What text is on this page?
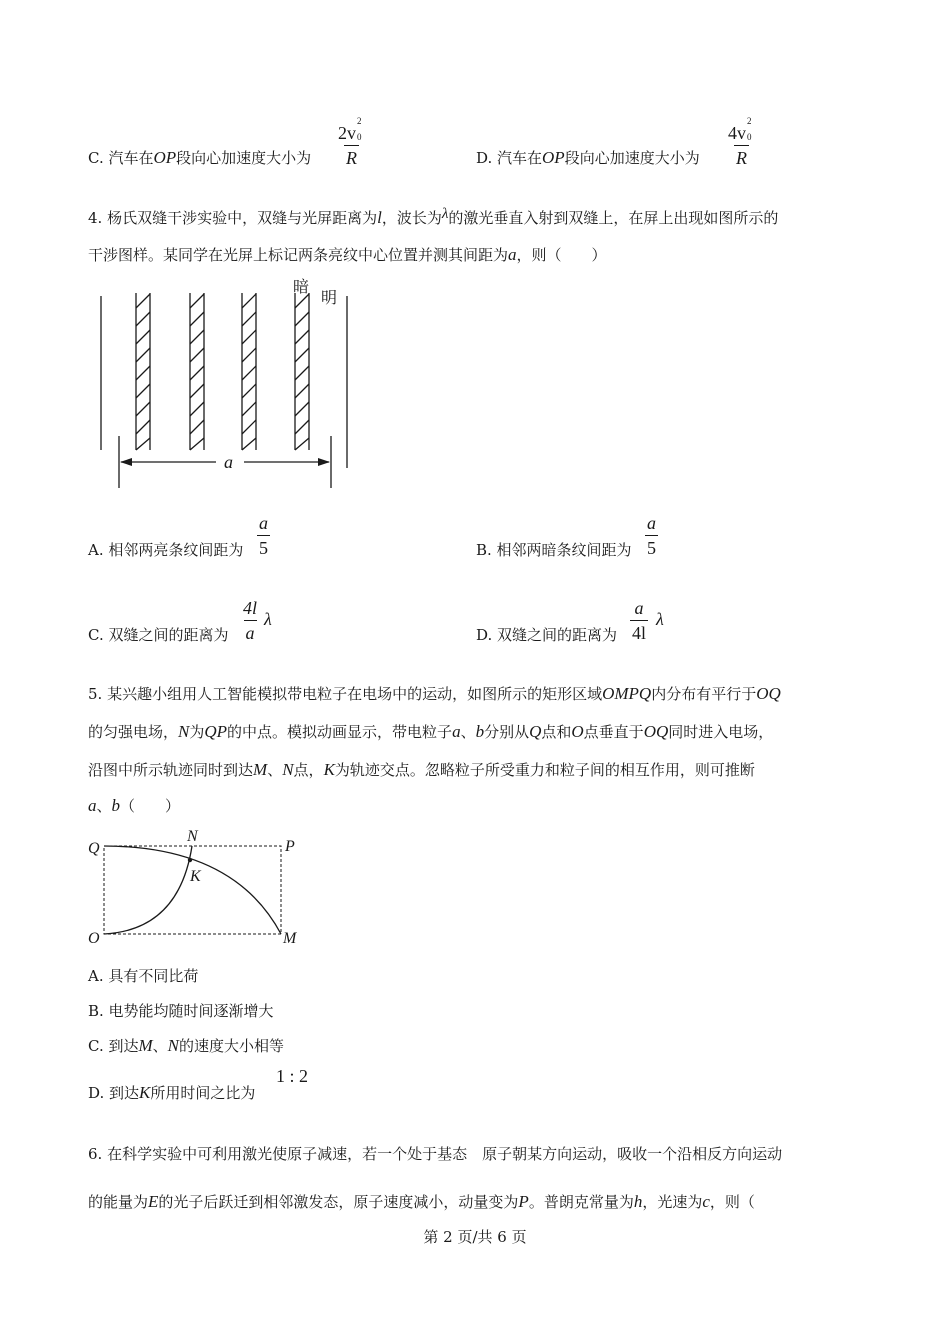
C. 汽车在OP段向心加速度大小为 2v
2
0

R	D. 汽车在OP段向心加速度大小为 4v
2
0

R
4. 杨氏双缝干涉实验中，双缝与光屏距离为l，波长为λ的激光垂直入射到双缝上，在屏上出现如图所示的
干涉图样。某同学在光屏上标记两条亮纹中心位置并测其间距为a，则（　　）
暗
明
a
A. 相邻两亮条纹间距为 $\frac{a}{5}$	B. 相邻两暗条纹间距为 $\frac{a}{5}$
C. 双缝之间的距离为 $\frac{4l}{a}$ λ
D. 双缝之间的距离为 $\frac{a}{4l}$ λ
5. 某兴趣小组用人工智能模拟带电粒子在电场中的运动，如图所示的矩形区域OMPQ内分布有平行于OQ
的匀强电场，N为QP的中点。模拟动画显示，带电粒子a、b分别从Q点和O点垂直于OQ同时进入电场，
沿图中所示轨迹同时到达M、N点，K为轨迹交点。忽略粒子所受重力和粒子间的相互作用，则可推断
a、b（　　）
Q
N
P
K
O	M
A. 具有不同比荷
B. 电势能均随时间逐渐增大
C. 到达M、N的速度大小相等
D. 到达K所用时间之比为
1 : 2
6. 在科学实验中可利用激光使原子减速，若一个处于基态　原子朝某方向运动，吸收一个沿相反方向运动
的能量为E的光子后跃迁到相邻激发态，原子速度减小，动量变为P。普朗克常量为h，光速为c，则（
第 2 页/共 6 页
